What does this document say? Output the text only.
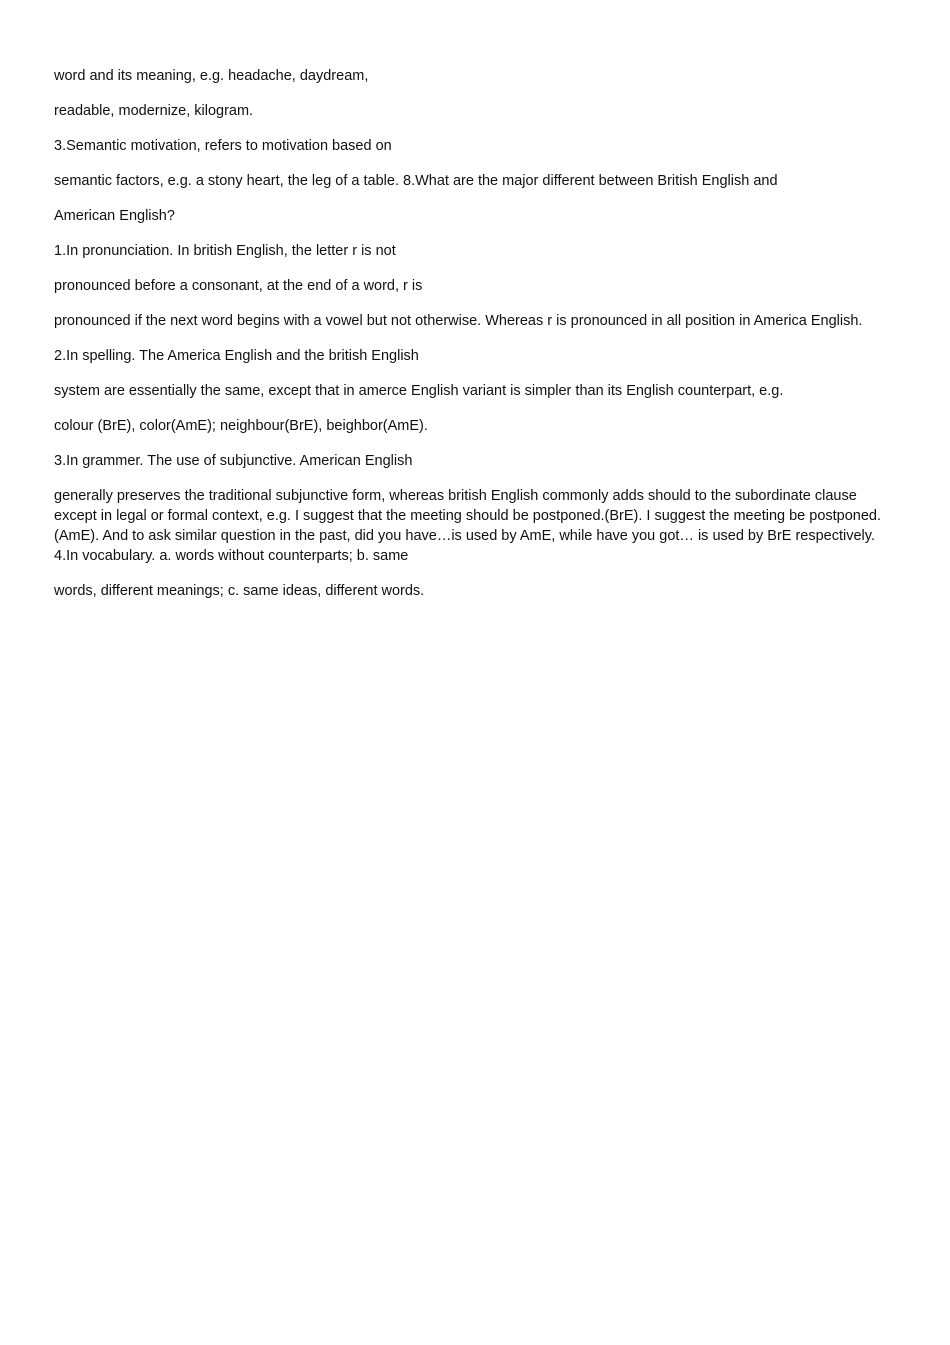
word and its meaning, e.g. headache, daydream,

readable, modernize, kilogram.

3.Semantic motivation, refers to motivation based on

semantic factors, e.g. a stony heart, the leg of a table. 8.What are the major different between British English and

American English?

1.In pronunciation. In british English, the letter r is not

pronounced before a consonant, at the end of a word, r is

pronounced if the next word begins with a vowel but not otherwise. Whereas r is pronounced in all position in America English.

2.In spelling. The America English and the british English

system are essentially the same, except that in amerce English variant is simpler than its English counterpart, e.g.

colour (BrE), color(AmE); neighbour(BrE), beighbor(AmE).

3.In grammer. The use of subjunctive. American English

generally preserves the traditional subjunctive form, whereas british English commonly adds should to the subordinate clause except in legal or formal context, e.g. I suggest that the meeting should be postponed.(BrE). I suggest the meeting be postponed.(AmE). And to ask similar question in the past, did you have…is used by AmE, while have you got… is used by BrE respectively. 4.In vocabulary. a. words without counterparts; b. same

words, different meanings; c. same ideas, different words.
